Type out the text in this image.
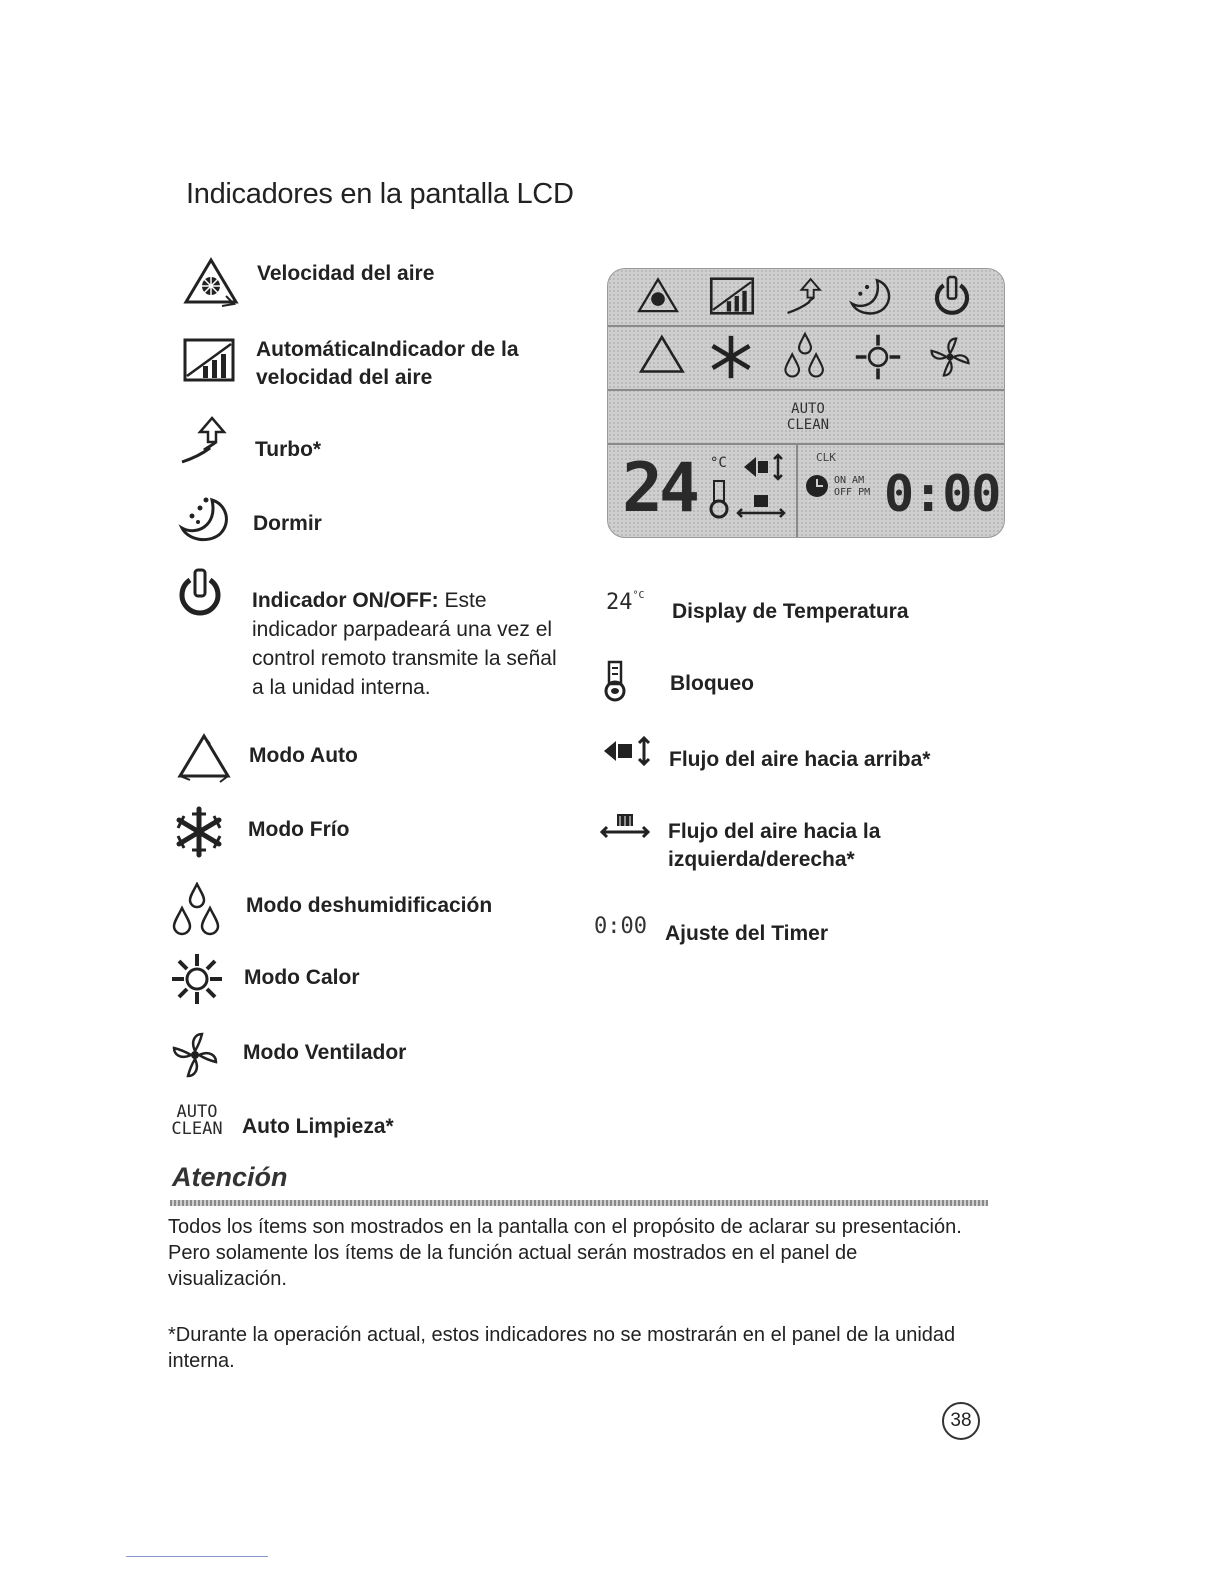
Indicadores en la pantalla LCD
Velocidad del aire
AutomáticaIndicador de la velocidad del aire
Turbo*
Dormir
Indicador ON/OFF: Este indicador parpadeará una vez el control remoto transmite la señal a la unidad interna.
Modo Auto
Modo Frío
Modo deshumidificación
Modo Calor
Modo Ventilador
AUTO
CLEAN Auto Limpieza*
AUTO
CLEAN
24 °C	CLK
ON AM
OFF PM 0:00
$24^{^\circ C}$
Display de Temperatura
Bloqueo
Flujo del aire hacia arriba*
Flujo del aire hacia la izquierda/derecha*
0:00 Ajuste del Timer
Atención
Todos los ítems son mostrados en la pantalla con el propósito de aclarar su presentación. Pero solamente los ítems de la función actual serán mostrados en el panel de visualización.
*Durante la operación actual, estos indicadores no se mostrarán en el panel de la unidad interna.
38
